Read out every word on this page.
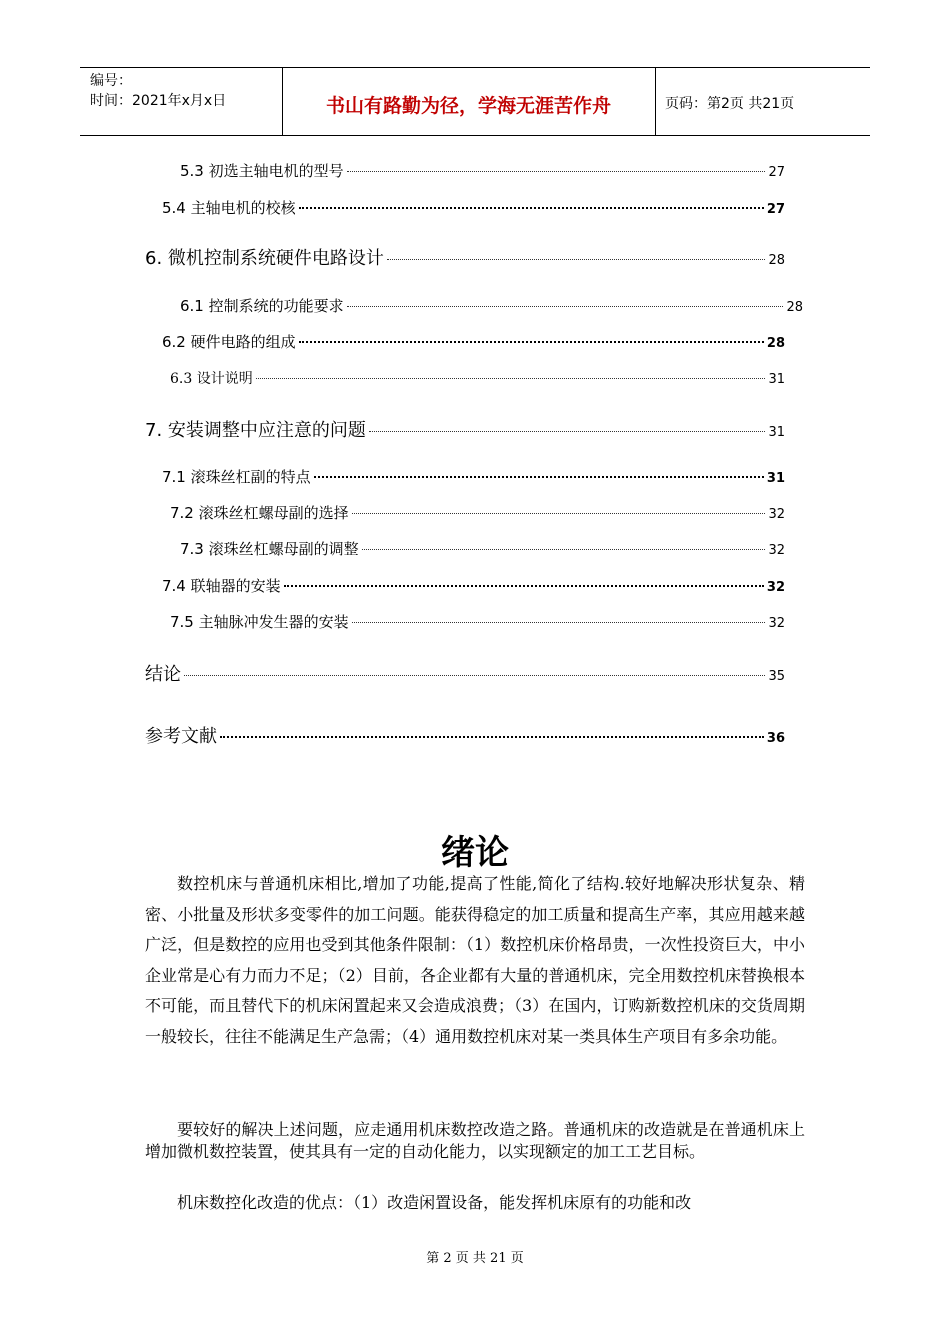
编号：
时间：2021年x月x日	书山有路勤为径，学海无涯苦作舟	页码：第2页 共21页
5.3 初选主轴电机的型号	27
5.4 主轴电机的校核	27
6. 微机控制系统硬件电路设计	28
6.1 控制系统的功能要求	28
6.2 硬件电路的组成	28
6.3 设计说明	31
7. 安装调整中应注意的问题	31
7.1 滚珠丝杠副的特点	31
7.2 滚珠丝杠螺母副的选择	32
7.3 滚珠丝杠螺母副的调整	32
7.4 联轴器的安装	32
7.5 主轴脉冲发生器的安装	32
结论	35
参考文献	36
绪论

数控机床与普通机床相比,增加了功能,提高了性能,简化了结构.较好地解决形状复杂、精密、小批量及形状多变零件的加工问题。能获得稳定的加工质量和提高生产率，其应用越来越广泛，但是数控的应用也受到其他条件限制：（1）数控机床价格昂贵，一次性投资巨大，中小企业常是心有力而力不足；（2）目前，各企业都有大量的普通机床，完全用数控机床替换根本不可能，而且替代下的机床闲置起来又会造成浪费；（3）在国内，订购新数控机床的交货周期一般较长，往往不能满足生产急需；（4）通用数控机床对某一类具体生产项目有多余功能。

要较好的解决上述问题，应走通用机床数控改造之路。普通机床的改造就是在普通机床上增加微机数控装置，使其具有一定的自动化能力，以实现额定的加工工艺目标。

机床数控化改造的优点：（1）改造闲置设备，能发挥机床原有的功能和改

第 2 页 共 21 页
